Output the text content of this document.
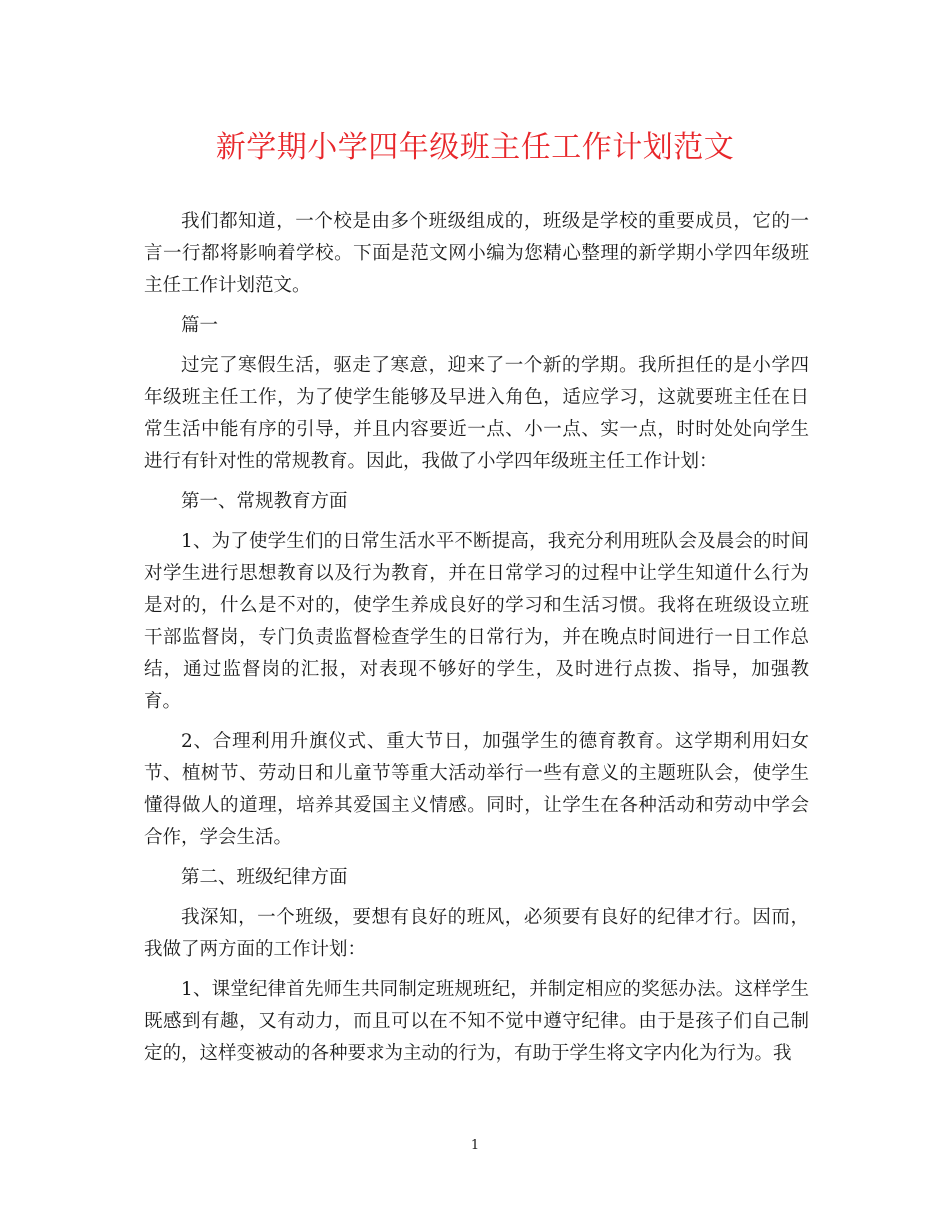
新学期小学四年级班主任工作计划范文

我们都知道，一个校是由多个班级组成的，班级是学校的重要成员，它的一言一行都将影响着学校。下面是范文网小编为您精心整理的新学期小学四年级班主任工作计划范文。

篇一

过完了寒假生活，驱走了寒意，迎来了一个新的学期。我所担任的是小学四年级班主任工作，为了使学生能够及早进入角色，适应学习，这就要班主任在日常生活中能有序的引导，并且内容要近一点、小一点、实一点，时时处处向学生进行有针对性的常规教育。因此，我做了小学四年级班主任工作计划：

第一、常规教育方面

1、为了使学生们的日常生活水平不断提高，我充分利用班队会及晨会的时间对学生进行思想教育以及行为教育，并在日常学习的过程中让学生知道什么行为是对的，什么是不对的，使学生养成良好的学习和生活习惯。我将在班级设立班干部监督岗，专门负责监督检查学生的日常行为，并在晚点时间进行一日工作总结，通过监督岗的汇报，对表现不够好的学生，及时进行点拨、指导，加强教育。

2、合理利用升旗仪式、重大节日，加强学生的德育教育。这学期利用妇女节、植树节、劳动日和儿童节等重大活动举行一些有意义的主题班队会，使学生懂得做人的道理，培养其爱国主义情感。同时，让学生在各种活动和劳动中学会合作，学会生活。

第二、班级纪律方面

我深知，一个班级，要想有良好的班风，必须要有良好的纪律才行。因而，我做了两方面的工作计划：

1、课堂纪律首先师生共同制定班规班纪，并制定相应的奖惩办法。这样学生既感到有趣，又有动力，而且可以在不知不觉中遵守纪律。由于是孩子们自己制定的，这样变被动的各种要求为主动的行为，有助于学生将文字内化为行为。我

1
